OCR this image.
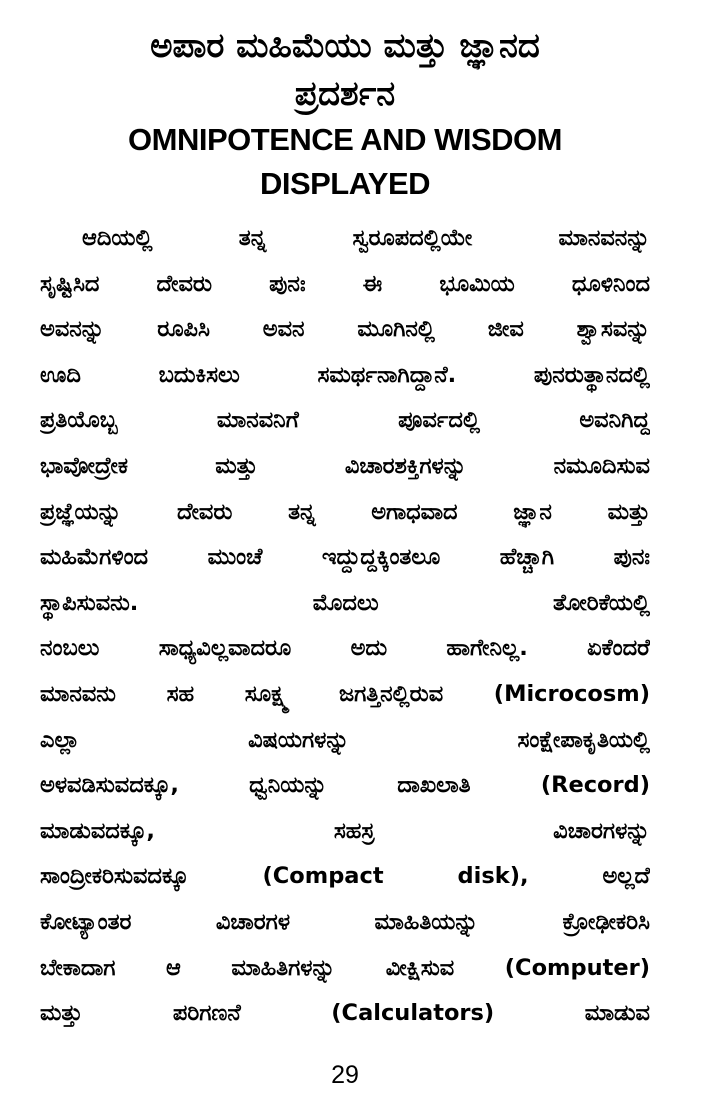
ಅಪಾರ ಮಹಿಮೆಯು ಮತ್ತು ಜ್ಞಾನದ
ಪ್ರದರ್ಶನ
OMNIPOTENCE AND WISDOM
DISPLAYED
ಆದಿಯಲ್ಲಿ ತನ್ನ ಸ್ವರೂಪದಲ್ಲಿಯೇ ಮಾನವನನ್ನು
ಸೃಷ್ಟಿಸಿದ ದೇವರು ಪುನಃ ಈ ಭೂಮಿಯ ಧೂಳಿನಿಂದ
ಅವನನ್ನು ರೂಪಿಸಿ ಅವನ ಮೂಗಿನಲ್ಲಿ ಜೀವ ಶ್ವಾಸವನ್ನು
ಊದಿ ಬದುಕಿಸಲು ಸಮರ್ಥನಾಗಿದ್ದಾನೆ. ಪುನರುತ್ಥಾನದಲ್ಲಿ
ಪ್ರತಿಯೊಬ್ಬ ಮಾನವನಿಗೆ ಪೂರ್ವದಲ್ಲಿ ಅವನಿಗಿದ್ದ
ಭಾವೋದ್ರೇಕ ಮತ್ತು ವಿಚಾರಶಕ್ತಿಗಳನ್ನು ನಮೂದಿಸುವ
ಪ್ರಜ್ಞೆಯನ್ನು ದೇವರು ತನ್ನ ಅಗಾಧವಾದ ಜ್ಞಾನ ಮತ್ತು
ಮಹಿಮೆಗಳಿಂದ ಮುಂಚೆ ಇದ್ದುದ್ದಕ್ಕಿಂತಲೂ ಹೆಚ್ಚಾಗಿ ಪುನಃ
ಸ್ಥಾಪಿಸುವನು. ಮೊದಲು ತೋರಿಕೆಯಲ್ಲಿ
ನಂಬಲು ಸಾಧ್ಯವಿಲ್ಲವಾದರೂ ಅದು ಹಾಗೇನಿಲ್ಲ. ಏಕೆಂದರೆ
ಮಾನವನು ಸಹ ಸೂಕ್ಷ್ಮ ಜಗತ್ತಿನಲ್ಲಿರುವ (Microcosm)
ಎಲ್ಲಾ ವಿಷಯಗಳನ್ನು ಸಂಕ್ಷೇಪಾಕೃತಿಯಲ್ಲಿ
ಅಳವಡಿಸುವದಕ್ಕೂ, ಧ್ವನಿಯನ್ನು ದಾಖಲಾತಿ (Record)
ಮಾಡುವದಕ್ಕೂ, ಸಹಸ್ರ ವಿಚಾರಗಳನ್ನು
ಸಾಂದ್ರೀಕರಿಸುವದಕ್ಕೂ (Compact disk), ಅಲ್ಲದೆ
ಕೋಟ್ಯಾಂತರ ವಿಚಾರಗಳ ಮಾಹಿತಿಯನ್ನು ಕ್ರೋಢೀಕರಿಸಿ
ಬೇಕಾದಾಗ ಆ ಮಾಹಿತಿಗಳನ್ನು ವೀಕ್ಷಿಸುವ (Computer)
ಮತ್ತು ಪರಿಗಣನೆ (Calculators) ಮಾಡುವ
29
